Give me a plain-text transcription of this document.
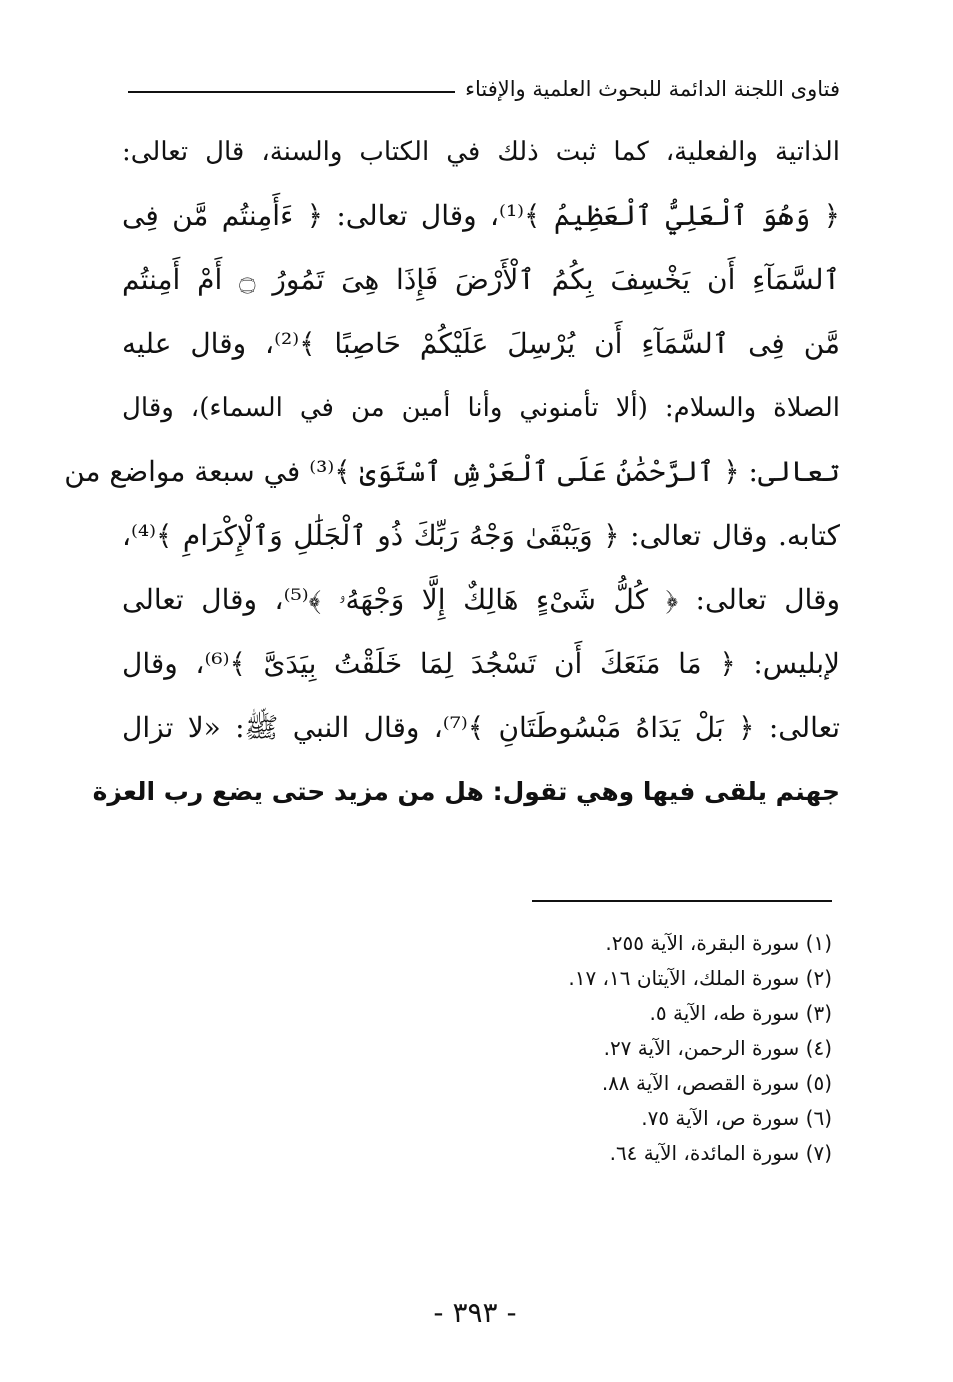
فتاوى اللجنة الدائمة للبحوث العلمية والإفتاء
الذاتية والفعلية، كما ثبت ذلك في الكتاب والسنة، قال تعالى:
﴿ وَهُوَ ٱلْعَلِيُّ ٱلْعَظِيمُ ﴾⁽¹⁾، وقال تعالى: ﴿ ءَأَمِنتُم مَّن فِى
ٱلسَّمَآءِ أَن يَخْسِفَ بِكُمُ ٱلْأَرْضَ فَإِذَا هِىَ تَمُورُ ۝ أَمْ أَمِنتُم
مَّن فِى ٱلسَّمَآءِ أَن يُرْسِلَ عَلَيْكُمْ حَاصِبًا ﴾⁽²⁾، وقال عليه
الصلاة والسلام: (ألا تأمنوني وأنا أمين من في السماء)، وقال
تعالى: ﴿ ٱلرَّحْمَٰنُ عَلَى ٱلْعَرْشِ ٱسْتَوَىٰ ﴾⁽³⁾ في سبعة مواضع من
كتابه. وقال تعالى: ﴿ وَيَبْقَىٰ وَجْهُ رَبِّكَ ذُو ٱلْجَلَٰلِ وَٱلْإِكْرَامِ ﴾⁽⁴⁾،
وقال تعالى: ﴿ كُلُّ شَىْءٍ هَالِكٌ إِلَّا وَجْهَهُۥ ﴾⁽⁵⁾، وقال تعالى
لإبليس: ﴿ مَا مَنَعَكَ أَن تَسْجُدَ لِمَا خَلَقْتُ بِيَدَىَّ ﴾⁽⁶⁾، وقال
تعالى: ﴿ بَلْ يَدَاهُ مَبْسُوطَتَانِ ﴾⁽⁷⁾، وقال النبي ﷺ: «لا تزال
جهنم يلقى فيها وهي تقول: هل من مزيد حتى يضع رب العزة
(١) سورة البقرة، الآية ٢٥٥.
(٢) سورة الملك، الآيتان ١٦، ١٧.
(٣) سورة طه، الآية ٥.
(٤) سورة الرحمن، الآية ٢٧.
(٥) سورة القصص، الآية ٨٨.
(٦) سورة ص، الآية ٧٥.
(٧) سورة المائدة، الآية ٦٤.
- ٣٩٣ -
